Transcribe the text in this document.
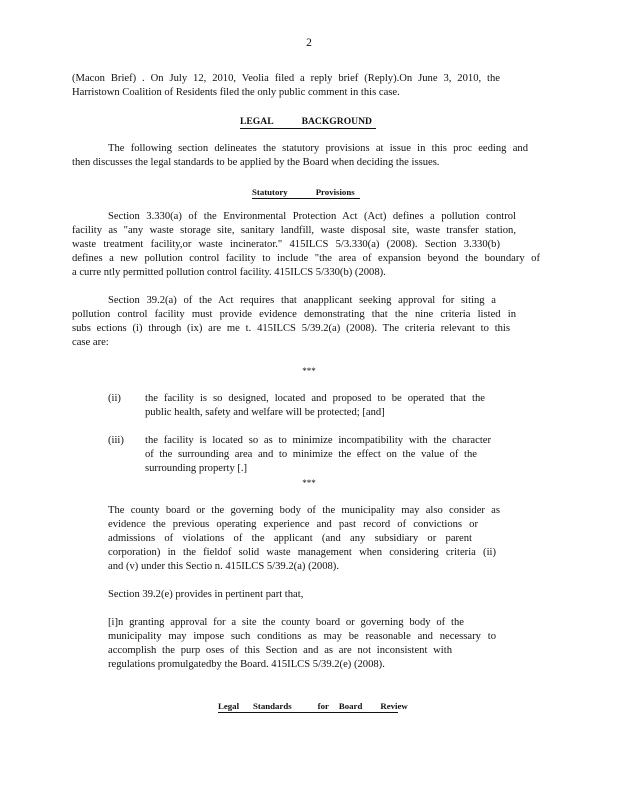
2
(Macon Brief) . On July 12, 2010, Veolia filed a reply brief (Reply).On June 3, 2010, the
Harristown Coalition of Residents filed the only public comment in this case.
LEGAL	BACKGROUND
The following section delineates the statutory provisions at issue in this proc eeding and
then discusses the legal standards to be applied by the Board when deciding the issues.
Statutory	Provisions
Section 3.330(a) of the Environmental Protection Act (Act) defines a pollution control
facility as "any waste storage site, sanitary landfill, waste disposal site, waste transfer station,
waste treatment facility,or waste incinerator." 415ILCS 5/3.330(a) (2008). Section 3.330(b)
defines a new pollution control facility to include "the area of expansion beyond the boundary of
a curre ntly permitted pollution control facility. 415ILCS 5/330(b) (2008).
Section 39.2(a) of the Act requires that anapplicant seeking approval for siting a
pollution control facility must provide evidence demonstrating that the nine criteria listed in
subs ections (i) through (ix) are me t. 415ILCS 5/39.2(a) (2008). The criteria relevant to this
case are:
***
(ii) the facility is so designed, located and proposed to be operated that the
public health, safety and welfare will be protected; [and]
(iii) the facility is located so as to minimize incompatibility with the character
of the surrounding area and to minimize the effect on the value of the
surrounding property [.]
***
The county board or the governing body of the municipality may also consider as
evidence the previous operating experience and past record of convictions or
admissions of violations of the applicant (and any subsidiary or parent
corporation) in the fieldof solid waste management when considering criteria (ii)
and (v) under this Sectio n. 415ILCS 5/39.2(a) (2008).
Section 39.2(e) provides in pertinent part that,
[i]n granting approval for a site the county board or governing body of the
municipality may impose such conditions as may be reasonable and necessary to
accomplish the purp oses of this Section and as are not inconsistent with
regulations promulgatedby the Board. 415ILCS 5/39.2(e) (2008).
Legal Standards	for Board Review
